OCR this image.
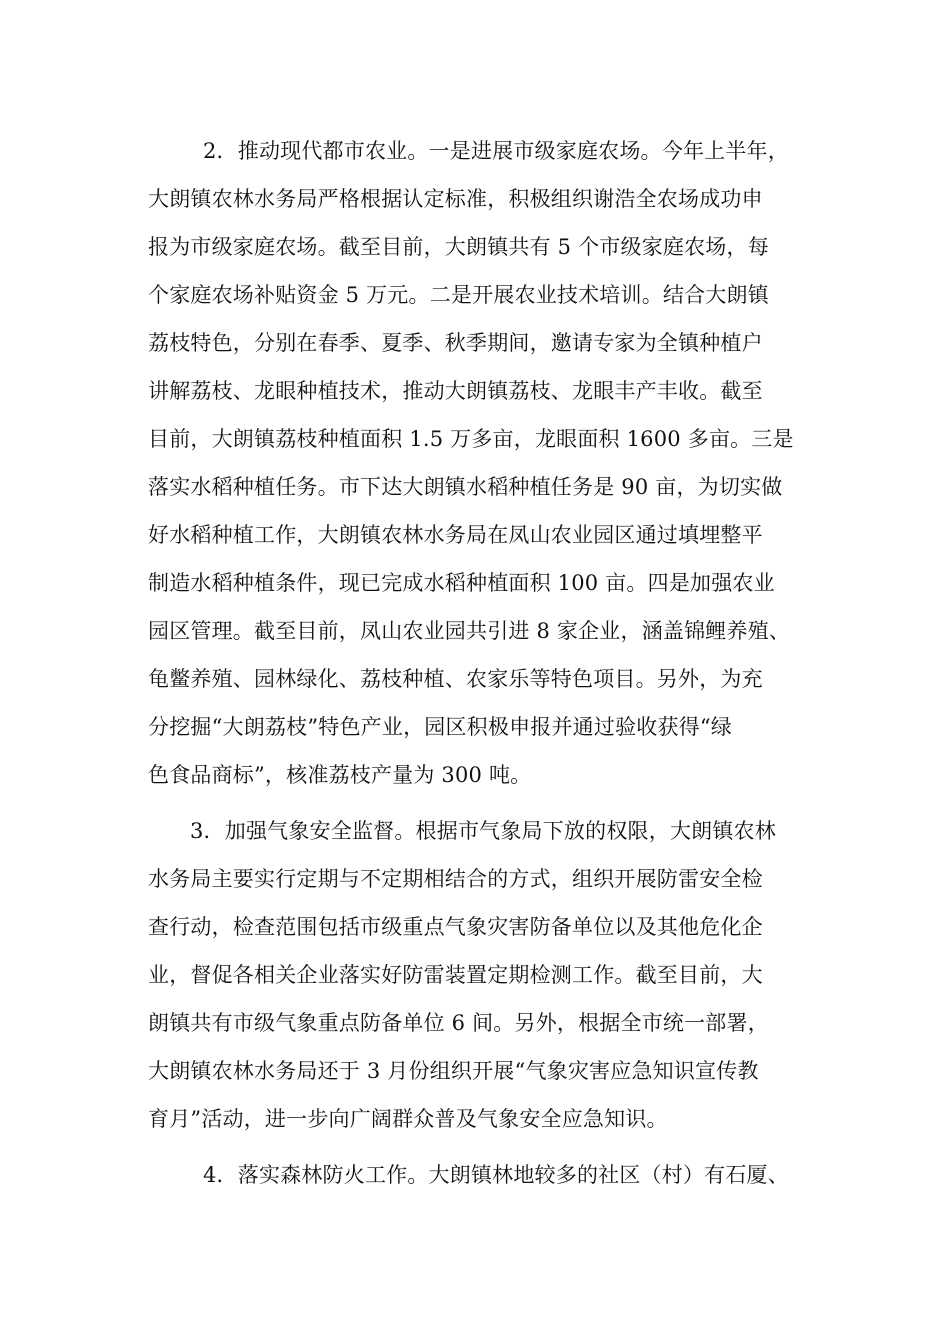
2．推动现代都市农业。一是进展市级家庭农场。今年上半年，
大朗镇农林水务局严格根据认定标准，积极组织谢浩全农场成功申
报为市级家庭农场。截至目前，大朗镇共有 5 个市级家庭农场，每
个家庭农场补贴资金 5 万元。二是开展农业技术培训。结合大朗镇
荔枝特色，分别在春季、夏季、秋季期间，邀请专家为全镇种植户
讲解荔枝、龙眼种植技术，推动大朗镇荔枝、龙眼丰产丰收。截至
目前，大朗镇荔枝种植面积 1.5 万多亩，龙眼面积 1600 多亩。三是
落实水稻种植任务。市下达大朗镇水稻种植任务是 90 亩，为切实做
好水稻种植工作，大朗镇农林水务局在凤山农业园区通过填埋整平
制造水稻种植条件，现已完成水稻种植面积 100 亩。四是加强农业
园区管理。截至目前，凤山农业园共引进 8 家企业，涵盖锦鲤养殖、
龟鳖养殖、园林绿化、荔枝种植、农家乐等特色项目。另外，为充
分挖掘“大朗荔枝”特色产业，园区积极申报并通过验收获得“绿
色食品商标”，核准荔枝产量为 300 吨。
3．加强气象安全监督。根据市气象局下放的权限，大朗镇农林
水务局主要实行定期与不定期相结合的方式，组织开展防雷安全检
查行动，检查范围包括市级重点气象灾害防备单位以及其他危化企
业，督促各相关企业落实好防雷装置定期检测工作。截至目前，大
朗镇共有市级气象重点防备单位 6 间。另外，根据全市统一部署，
大朗镇农林水务局还于 3 月份组织开展“气象灾害应急知识宣传教
育月”活动，进一步向广阔群众普及气象安全应急知识。
4．落实森林防火工作。大朗镇林地较多的社区（村）有石厦、
